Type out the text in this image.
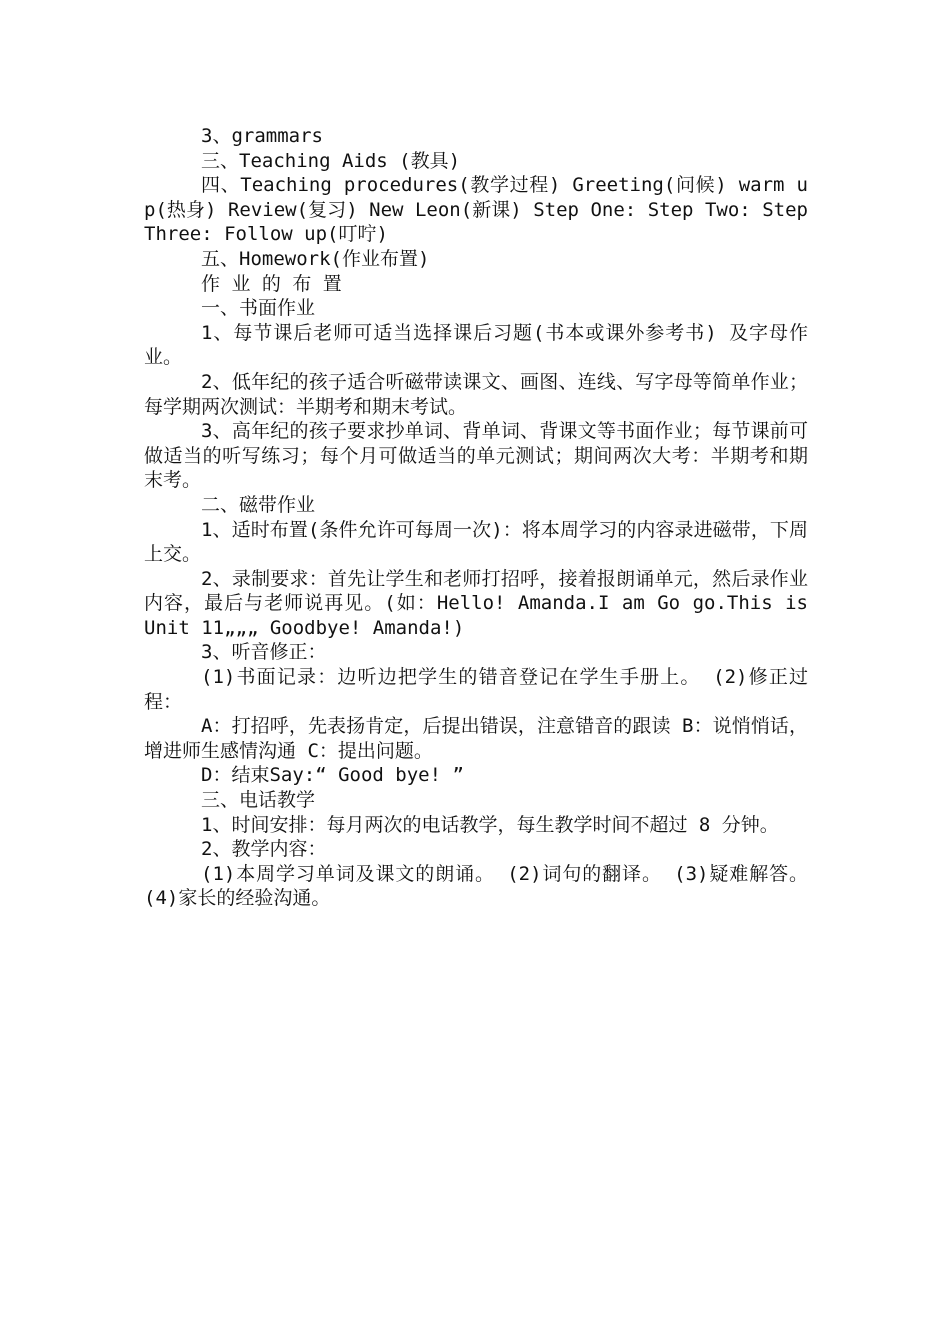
3、grammars

三、Teaching Aids (教具)

四、Teaching procedures(教学过程) Greeting(问候) warm up(热身) Review(复习) New Leon(新课) Step One: Step Two: Step Three: Follow up(叮咛)

五、Homework(作业布置)

作 业 的 布 置

一、书面作业

1、每节课后老师可适当选择课后习题(书本或课外参考书) 及字母作业。

2、低年纪的孩子适合听磁带读课文、画图、连线、写字母等简单作业；每学期两次测试：半期考和期末考试。

3、高年纪的孩子要求抄单词、背单词、背课文等书面作业；每节课前可做适当的听写练习；每个月可做适当的单元测试；期间两次大考：半期考和期末考。

二、磁带作业

1、适时布置(条件允许可每周一次)：将本周学习的内容录进磁带，下周上交。

2、录制要求：首先让学生和老师打招呼，接着报朗诵单元，然后录作业内容，最后与老师说再见。(如：Hello! Amanda.I am Go go.This is Unit 11„„„ Goodbye! Amanda!)

3、听音修正：

(1)书面记录：边听边把学生的错音登记在学生手册上。 (2)修正过程：

A：打招呼，先表扬肯定，后提出错误，注意错音的跟读 B：说悄悄话，增进师生感情沟通 C：提出问题。

D：结束Say:“ Good bye! ”

三、电话教学

1、时间安排：每月两次的电话教学，每生教学时间不超过 8 分钟。

2、教学内容：

(1)本周学习单词及课文的朗诵。 (2)词句的翻译。 (3)疑难解答。 (4)家长的经验沟通。
